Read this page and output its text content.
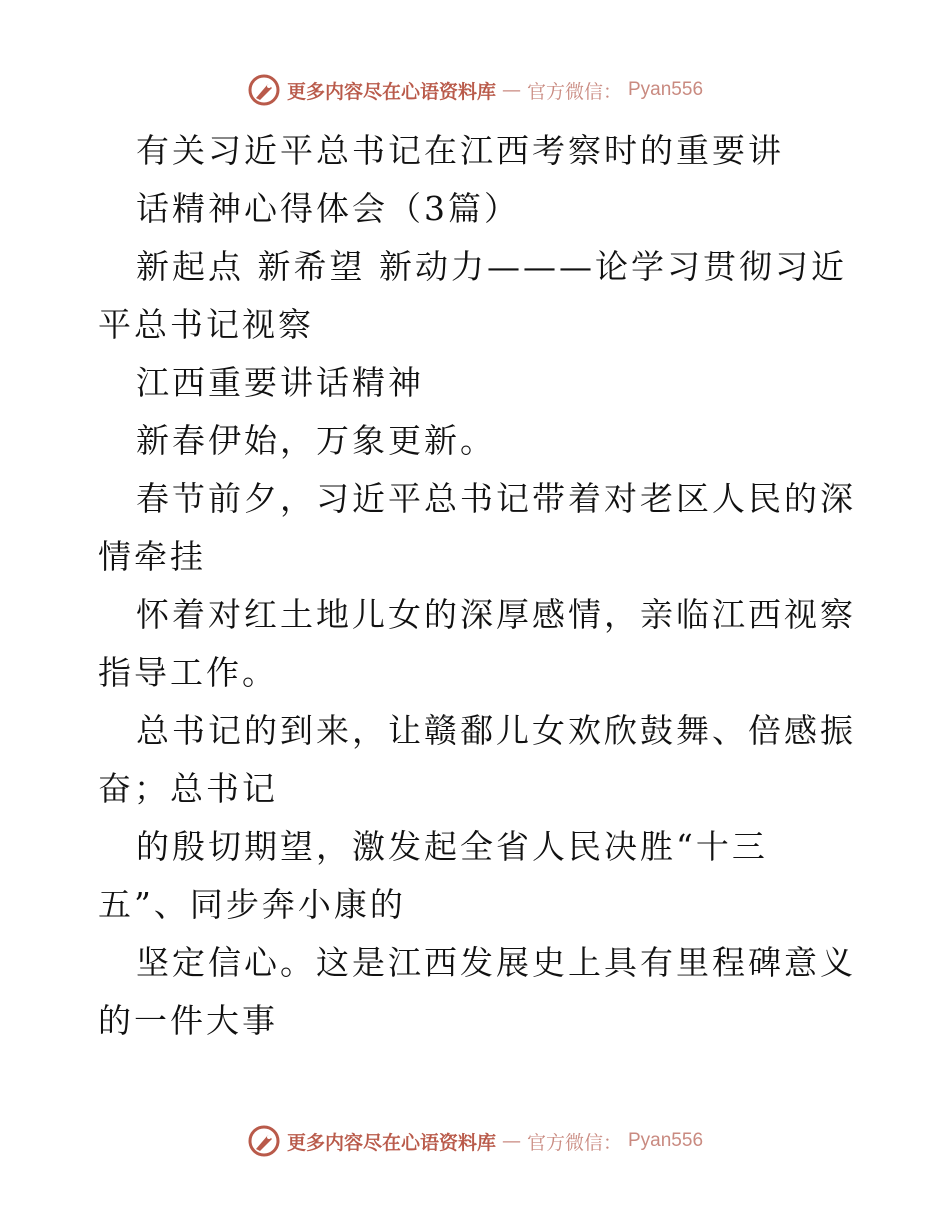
更多内容尽在心语资料库 — 官方微信： Pyan556

有关习近平总书记在江西考察时的重要讲

话精神心得体会（3篇）

新起点 新希望 新动力———论学习贯彻习近平总书记视察

江西重要讲话精神

新春伊始，万象更新。

春节前夕，习近平总书记带着对老区人民的深情牵挂

怀着对红土地儿女的深厚感情，亲临江西视察指导工作。

总书记的到来，让赣鄱儿女欢欣鼓舞、倍感振奋；总书记

的殷切期望，激发起全省人民决胜“十三五”、同步奔小康的

坚定信心。这是江西发展史上具有里程碑意义的一件大事

更多内容尽在心语资料库 — 官方微信： Pyan556
